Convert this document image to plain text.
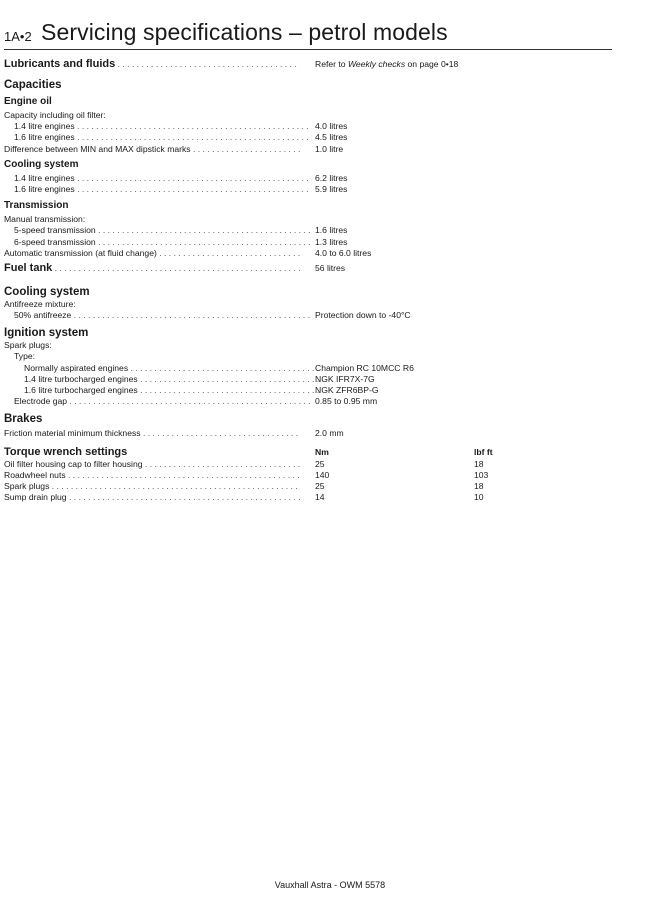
1A•2 Servicing specifications – petrol models
Lubricants and fluids . . .	Refer to Weekly checks on page 0•18
Capacities
Engine oil
Capacity including oil filter:
1.4 litre engines . . .	4.0 litres
1.6 litre engines . . .	4.5 litres
Difference between MIN and MAX dipstick marks . . .	1.0 litre
Cooling system
1.4 litre engines . . .	6.2 litres
1.6 litre engines . . .	5.9 litres
Transmission
Manual transmission:
5-speed transmission . . .	1.6 litres
6-speed transmission . . .	1.3 litres
Automatic transmission (at fluid change) . . .	4.0 to 6.0 litres
Fuel tank . . .	56 litres
Cooling system
Antifreeze mixture:
50% antifreeze . . .	Protection down to -40°C
Ignition system
Spark plugs:
Type:
Normally aspirated engines . . .	Champion RC 10MCC R6
1.4 litre turbocharged engines . . .	NGK IFR7X-7G
1.6 litre turbocharged engines . . .	NGK ZFR6BP-G
Electrode gap . . .	0.85 to 0.95 mm
Brakes
Friction material minimum thickness . . .	2.0 mm
Torque wrench settings	Nm	lbf ft
Oil filter housing cap to filter housing . . .	25	18
Roadwheel nuts . . .	140	103
Spark plugs . . .	25	18
Sump drain plug . . .	14	10
Vauxhall Astra - OWM 5578
